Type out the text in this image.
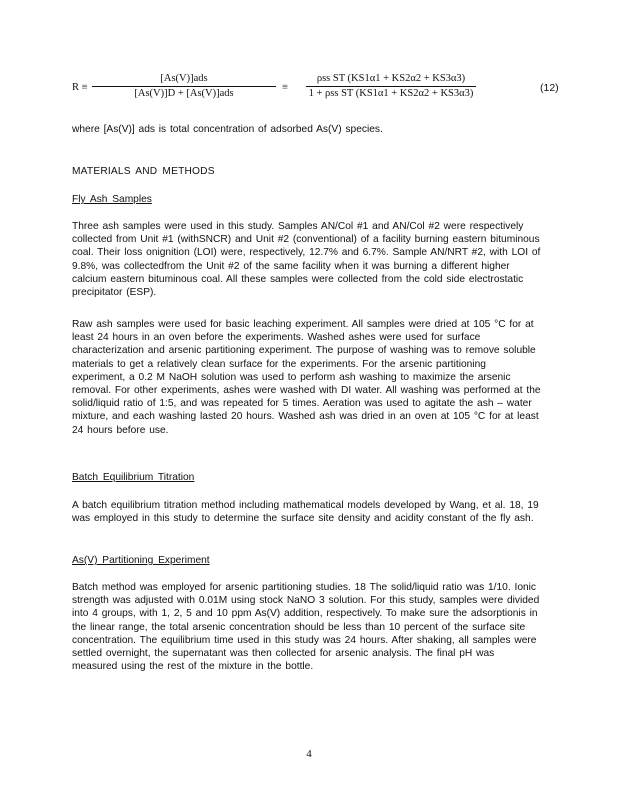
R ≡
[As(V)]ads
[As(V)]D + [As(V)]ads
≡
ρss ST (KS1α1 + KS2α2 + KS3α3)
1 + ρss ST (KS1α1 + KS2α2 + KS3α3)	(12)
where [As(V)] ads is total concentration of adsorbed As(V) species.
MATERIALS AND METHODS
Fly Ash Samples
Three ash samples were used in this study. Samples AN/Col #1 and AN/Col #2 were respectively collected from Unit #1 (withSNCR) and Unit #2 (conventional) of a facility burning eastern bituminous coal. Their loss onignition (LOI) were, respectively, 12.7% and 6.7%. Sample AN/NRT #2, with LOI of 9.8%, was collectedfrom the Unit #2 of the same facility when it was burning a different higher calcium eastern bituminous coal. All these samples were collected from the cold side electrostatic precipitator (ESP).
Raw ash samples were used for basic leaching experiment. All samples were dried at 105 °C for at least 24 hours in an oven before the experiments. Washed ashes were used for surface characterization and arsenic partitioning experiment. The purpose of washing was to remove soluble materials to get a relatively clean surface for the experiments. For the arsenic partitioning experiment, a 0.2 M NaOH solution was used to perform ash washing to maximize the arsenic removal. For other experiments, ashes were washed with DI water. All washing was performed at the solid/liquid ratio of 1:5, and was repeated for 5 times. Aeration was used to agitate the ash – water mixture, and each washing lasted 20 hours. Washed ash was dried in an oven at 105 °C for at least 24 hours before use.
Batch Equilibrium Titration
A batch equilibrium titration method including mathematical models developed by Wang, et al. 18, 19 was employed in this study to determine the surface site density and acidity constant of the fly ash.
As(V) Partitioning Experiment
Batch method was employed for arsenic partitioning studies. 18 The solid/liquid ratio was 1/10. Ionic strength was adjusted with 0.01M using stock NaNO 3 solution. For this study, samples were divided into 4 groups, with 1, 2, 5 and 10 ppm As(V) addition, respectively. To make sure the adsorptionis in the linear range, the total arsenic concentration should be less than 10 percent of the surface site concentration. The equilibrium time used in this study was 24 hours. After shaking, all samples were settled overnight, the supernatant was then collected for arsenic analysis. The final pH was measured using the rest of the mixture in the bottle.
4
